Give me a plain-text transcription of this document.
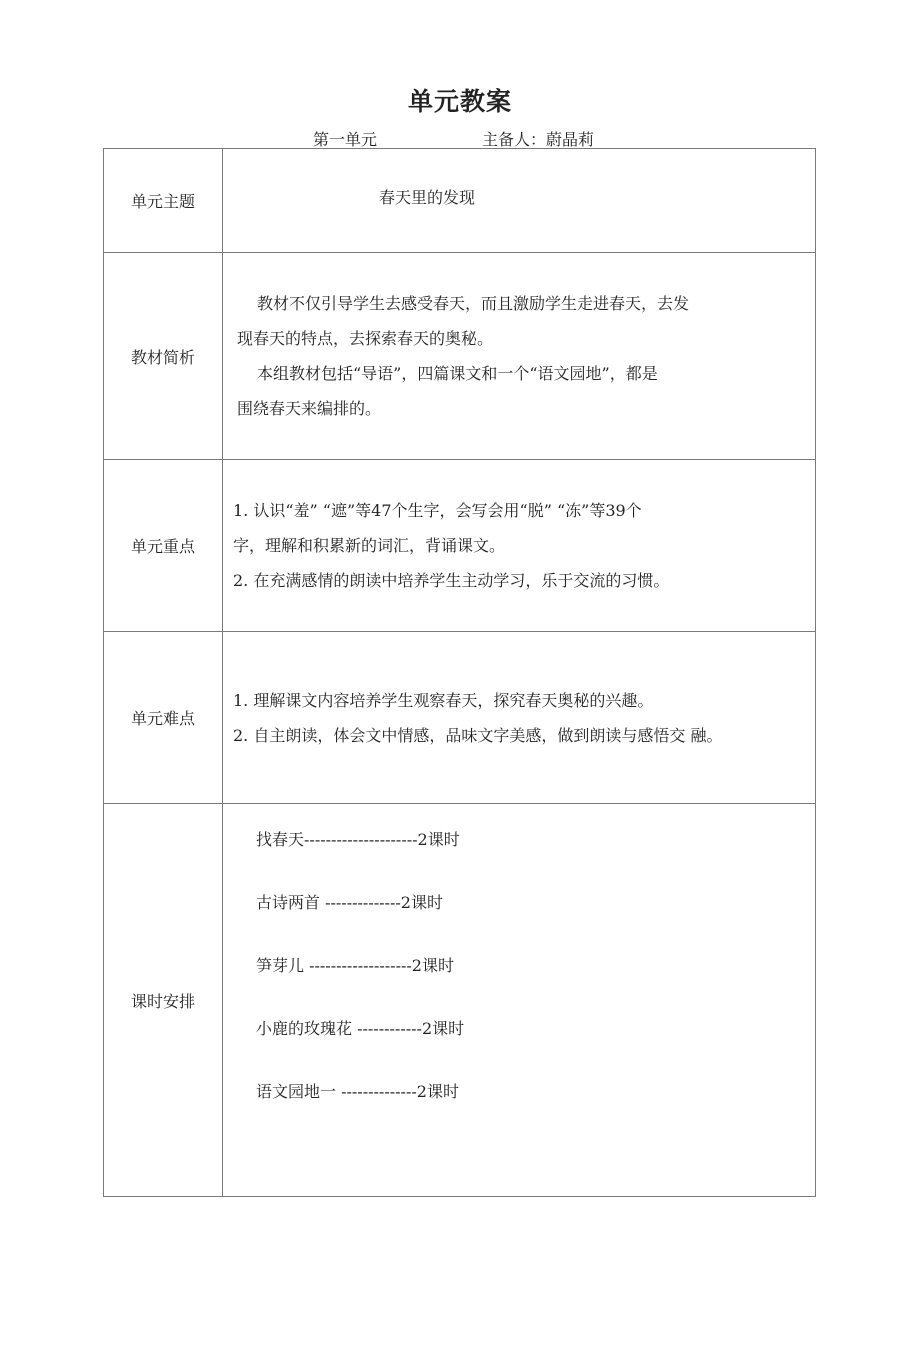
单元教案
第一单元	主备人：蔚晶莉
单元主题	春天里的发现

教材简析	教材不仅引导学生去感受春天，而且激励学生走进春天，去发
现春天的特点，去探索春天的奥秘。
本组教材包括“导语”，四篇课文和一个“语文园地”，都是
围绕春天来编排的。

单元重点	1. 认识“羞” “遮”等47个生字，会写会用“脱” “冻”等39个
字，理解和积累新的词汇，背诵课文。
2. 在充满感情的朗读中培养学生主动学习，乐于交流的习惯。

单元难点	1. 理解课文内容培养学生观察春天，探究春天奥秘的兴趣。
2. 自主朗读，体会文中情感，品味文字美感，做到朗读与感悟交 融。

课时安排	找春天---------------------2课时
古诗两首 --------------2课时
笋芽儿 -------------------2课时
小鹿的玫瑰花 ------------2课时
语文园地一 --------------2课时
